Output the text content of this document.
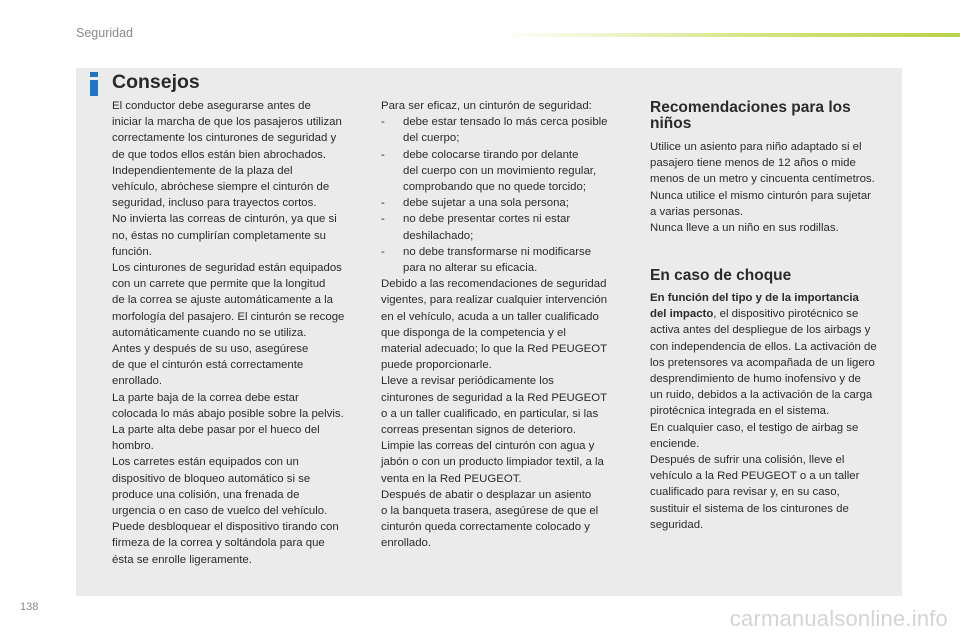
Seguridad
Consejos

El conductor debe asegurarse antes de

iniciar la marcha de que los pasajeros utilizan

correctamente los cinturones de seguridad y

de que todos ellos están bien abrochados.

Independientemente de la plaza del

vehículo, abróchese siempre el cinturón de

seguridad, incluso para trayectos cortos.

No invierta las correas de cinturón, ya que si

no, éstas no cumplirían completamente su

función.

Los cinturones de seguridad están equipados

con un carrete que permite que la longitud

de la correa se ajuste automáticamente a la

morfología del pasajero. El cinturón se recoge

automáticamente cuando no se utiliza.

Antes y después de su uso, asegúrese

de que el cinturón está correctamente

enrollado.

La parte baja de la correa debe estar

colocada lo más abajo posible sobre la pelvis.

La parte alta debe pasar por el hueco del

hombro.

Los carretes están equipados con un

dispositivo de bloqueo automático si se

produce una colisión, una frenada de

urgencia o en caso de vuelco del vehículo.

Puede desbloquear el dispositivo tirando con

firmeza de la correa y soltándola para que

ésta se enrolle ligeramente.

Para ser eficaz, un cinturón de seguridad:

-	debe estar tensado lo más cerca posible

del cuerpo;

-	debe colocarse tirando por delante

del cuerpo con un movimiento regular,

comprobando que no quede torcido;

-	debe sujetar a una sola persona;

-	no debe presentar cortes ni estar

deshilachado;

-	no debe transformarse ni modificarse

para no alterar su eficacia.

Debido a las recomendaciones de seguridad

vigentes, para realizar cualquier intervención

en el vehículo, acuda a un taller cualificado

que disponga de la competencia y el

material adecuado; lo que la Red PEUGEOT

puede proporcionarle.

Lleve a revisar periódicamente los

cinturones de seguridad a la Red PEUGEOT

o a un taller cualificado, en particular, si las

correas presentan signos de deterioro.

Limpie las correas del cinturón con agua y

jabón o con un producto limpiador textil, a la

venta en la Red PEUGEOT.

Después de abatir o desplazar un asiento

o la banqueta trasera, asegúrese de que el

cinturón queda correctamente colocado y

enrollado.

Recomendaciones para los
niños

Utilice un asiento para niño adaptado si el

pasajero tiene menos de 12 años o mide

menos de un metro y cincuenta centímetros.

Nunca utilice el mismo cinturón para sujetar

a varias personas.

Nunca lleve a un niño en sus rodillas.

En caso de choque

En función del tipo y de la importancia

del impacto, el dispositivo pirotécnico se

activa antes del despliegue de los airbags y

con independencia de ellos. La activación de

los pretensores va acompañada de un ligero

desprendimiento de humo inofensivo y de

un ruido, debidos a la activación de la carga

pirotécnica integrada en el sistema.

En cualquier caso, el testigo de airbag se

enciende.

Después de sufrir una colisión, lleve el

vehículo a la Red PEUGEOT o a un taller

cualificado para revisar y, en su caso,

sustituir el sistema de los cinturones de

seguridad.

138	carmanualsonline.info
